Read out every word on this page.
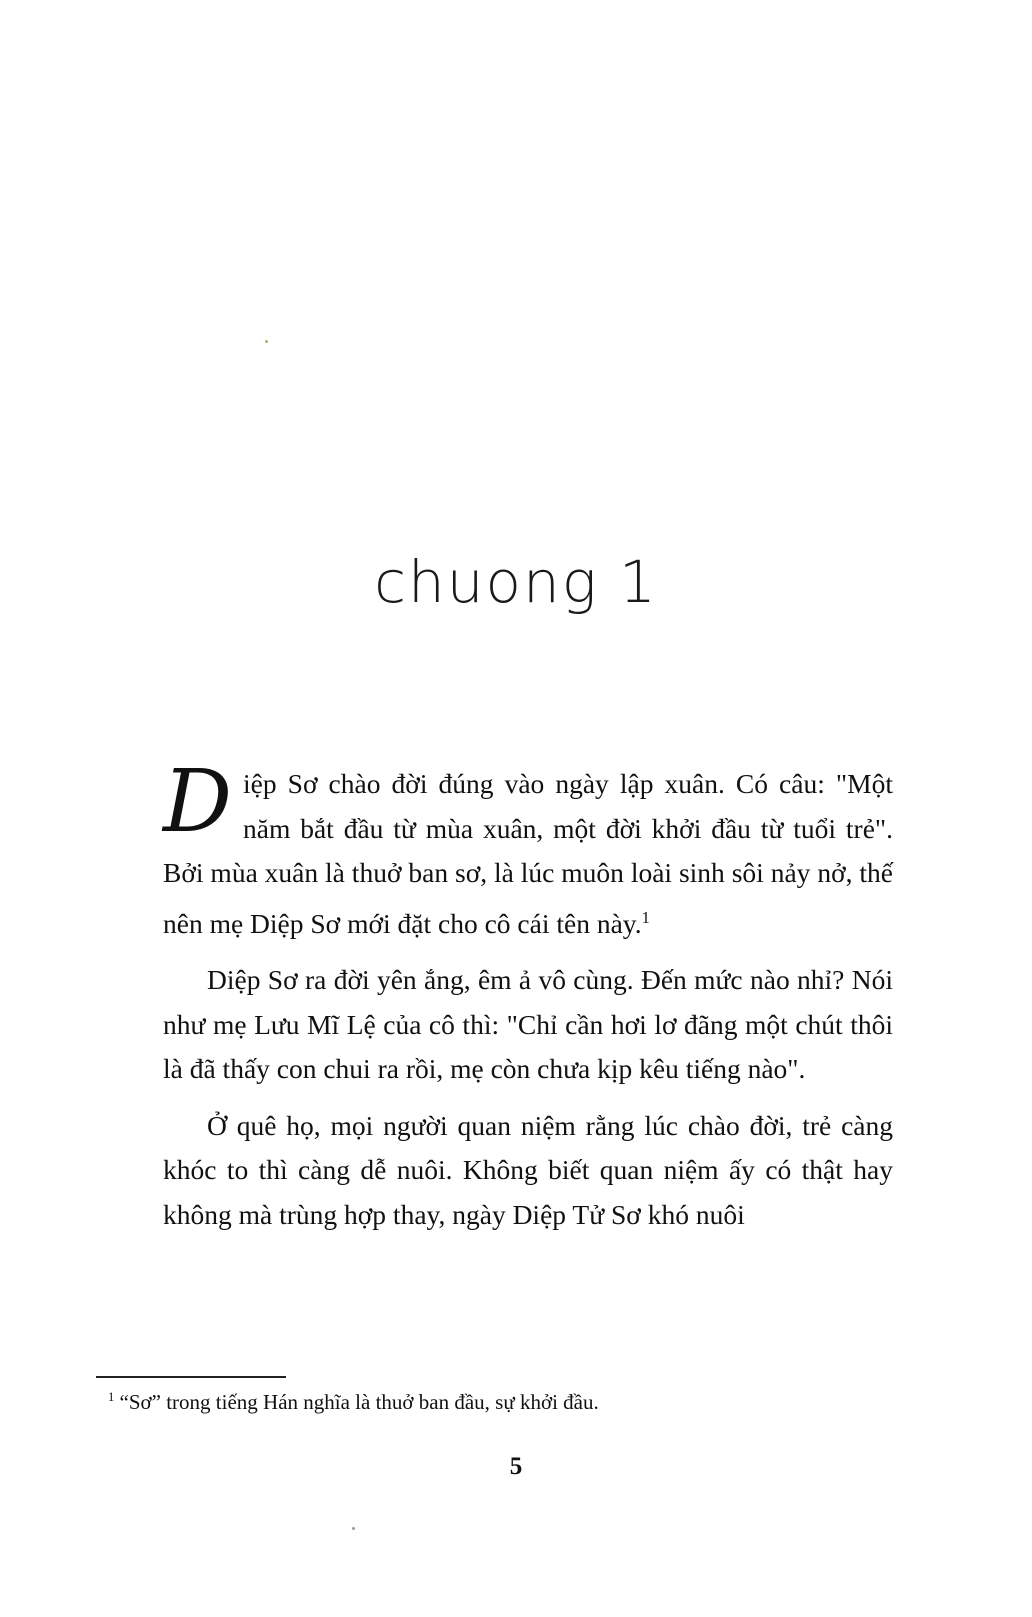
chuong 1

D iệp Sơ chào đời đúng vào ngày lập xuân. Có câu: "Một năm bắt đầu từ mùa xuân, một đời khởi đầu từ tuổi trẻ". Bởi mùa xuân là thuở ban sơ, là lúc muôn loài sinh sôi nảy nở, thế nên mẹ Diệp Sơ mới đặt cho cô cái tên này.$^1$

Diệp Sơ ra đời yên ắng, êm ả vô cùng. Đến mức nào nhỉ? Nói như mẹ Lưu Mĩ Lệ của cô thì: "Chỉ cần hơi lơ đãng một chút thôi là đã thấy con chui ra rồi, mẹ còn chưa kịp kêu tiếng nào".

Ở quê họ, mọi người quan niệm rằng lúc chào đời, trẻ càng khóc to thì càng dễ nuôi. Không biết quan niệm ấy có thật hay không mà trùng hợp thay, ngày Diệp Tử Sơ khó nuôi

$^1$ “Sơ” trong tiếng Hán nghĩa là thuở ban đầu, sự khởi đầu.
5
